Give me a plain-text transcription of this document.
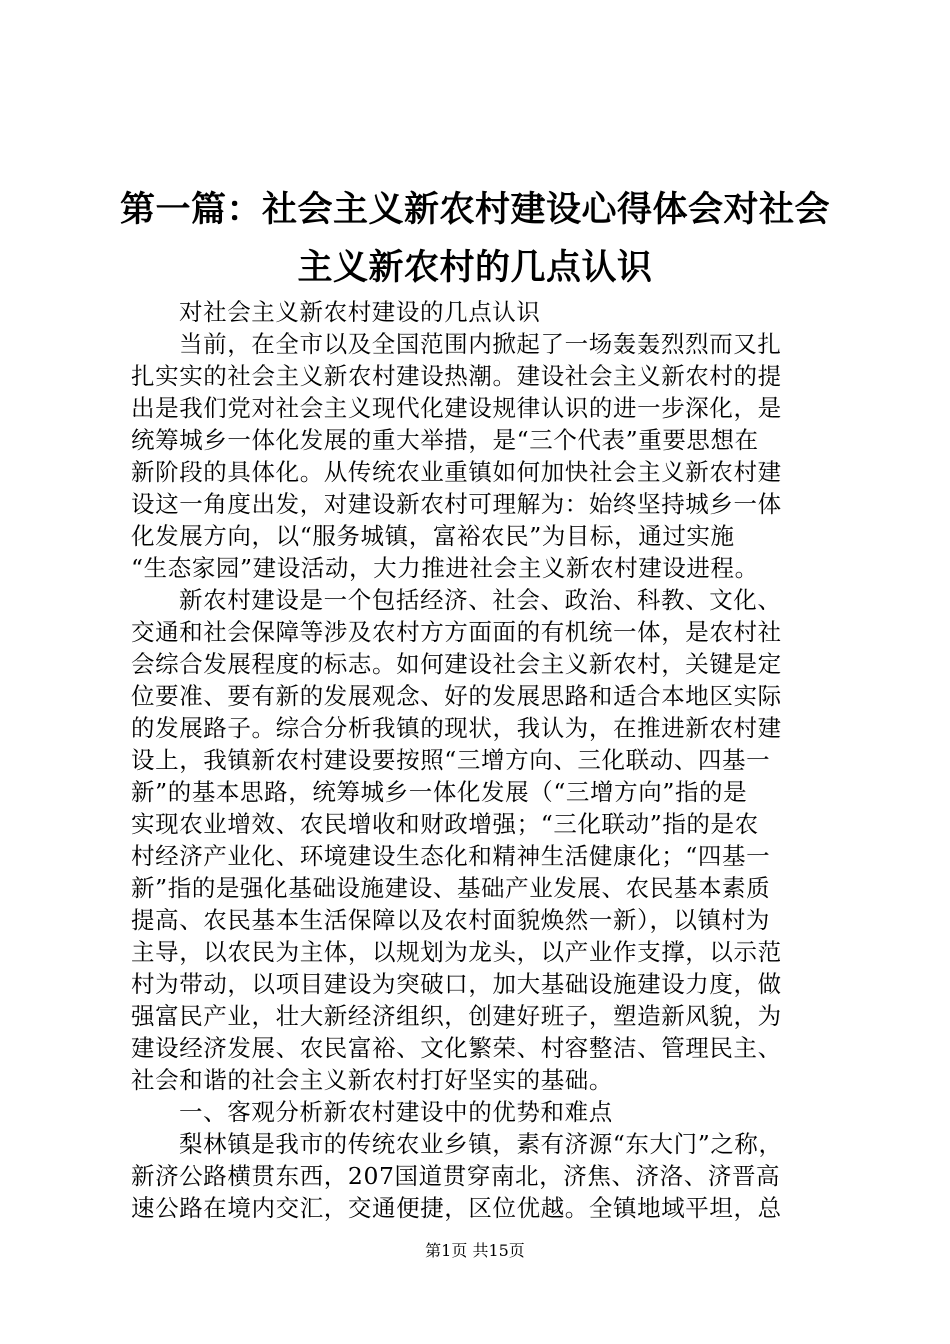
第一篇：社会主义新农村建设心得体会对社会
主义新农村的几点认识
对社会主义新农村建设的几点认识
当前，在全市以及全国范围内掀起了一场轰轰烈烈而又扎
扎实实的社会主义新农村建设热潮。建设社会主义新农村的提
出是我们党对社会主义现代化建设规律认识的进一步深化，是
统筹城乡一体化发展的重大举措，是“三个代表”重要思想在
新阶段的具体化。从传统农业重镇如何加快社会主义新农村建
设这一角度出发，对建设新农村可理解为：始终坚持城乡一体
化发展方向，以“服务城镇，富裕农民”为目标，通过实施
“生态家园”建设活动，大力推进社会主义新农村建设进程。
新农村建设是一个包括经济、社会、政治、科教、文化、
交通和社会保障等涉及农村方方面面的有机统一体，是农村社
会综合发展程度的标志。如何建设社会主义新农村，关键是定
位要准、要有新的发展观念、好的发展思路和适合本地区实际
的发展路子。综合分析我镇的现状，我认为，在推进新农村建
设上，我镇新农村建设要按照“三增方向、三化联动、四基一
新”的基本思路，统筹城乡一体化发展（“三增方向”指的是
实现农业增效、农民增收和财政增强；“三化联动”指的是农
村经济产业化、环境建设生态化和精神生活健康化；“四基一
新”指的是强化基础设施建设、基础产业发展、农民基本素质
提高、农民基本生活保障以及农村面貌焕然一新），以镇村为
主导，以农民为主体，以规划为龙头，以产业作支撑，以示范
村为带动，以项目建设为突破口，加大基础设施建设力度，做
强富民产业，壮大新经济组织，创建好班子，塑造新风貌，为
建设经济发展、农民富裕、文化繁荣、村容整洁、管理民主、
社会和谐的社会主义新农村打好坚实的基础。
一、客观分析新农村建设中的优势和难点
梨林镇是我市的传统农业乡镇，素有济源“东大门”之称，
新济公路横贯东西，207国道贯穿南北，济焦、济洛、济晋高
速公路在境内交汇，交通便捷，区位优越。全镇地域平坦，总
第1页 共15页
